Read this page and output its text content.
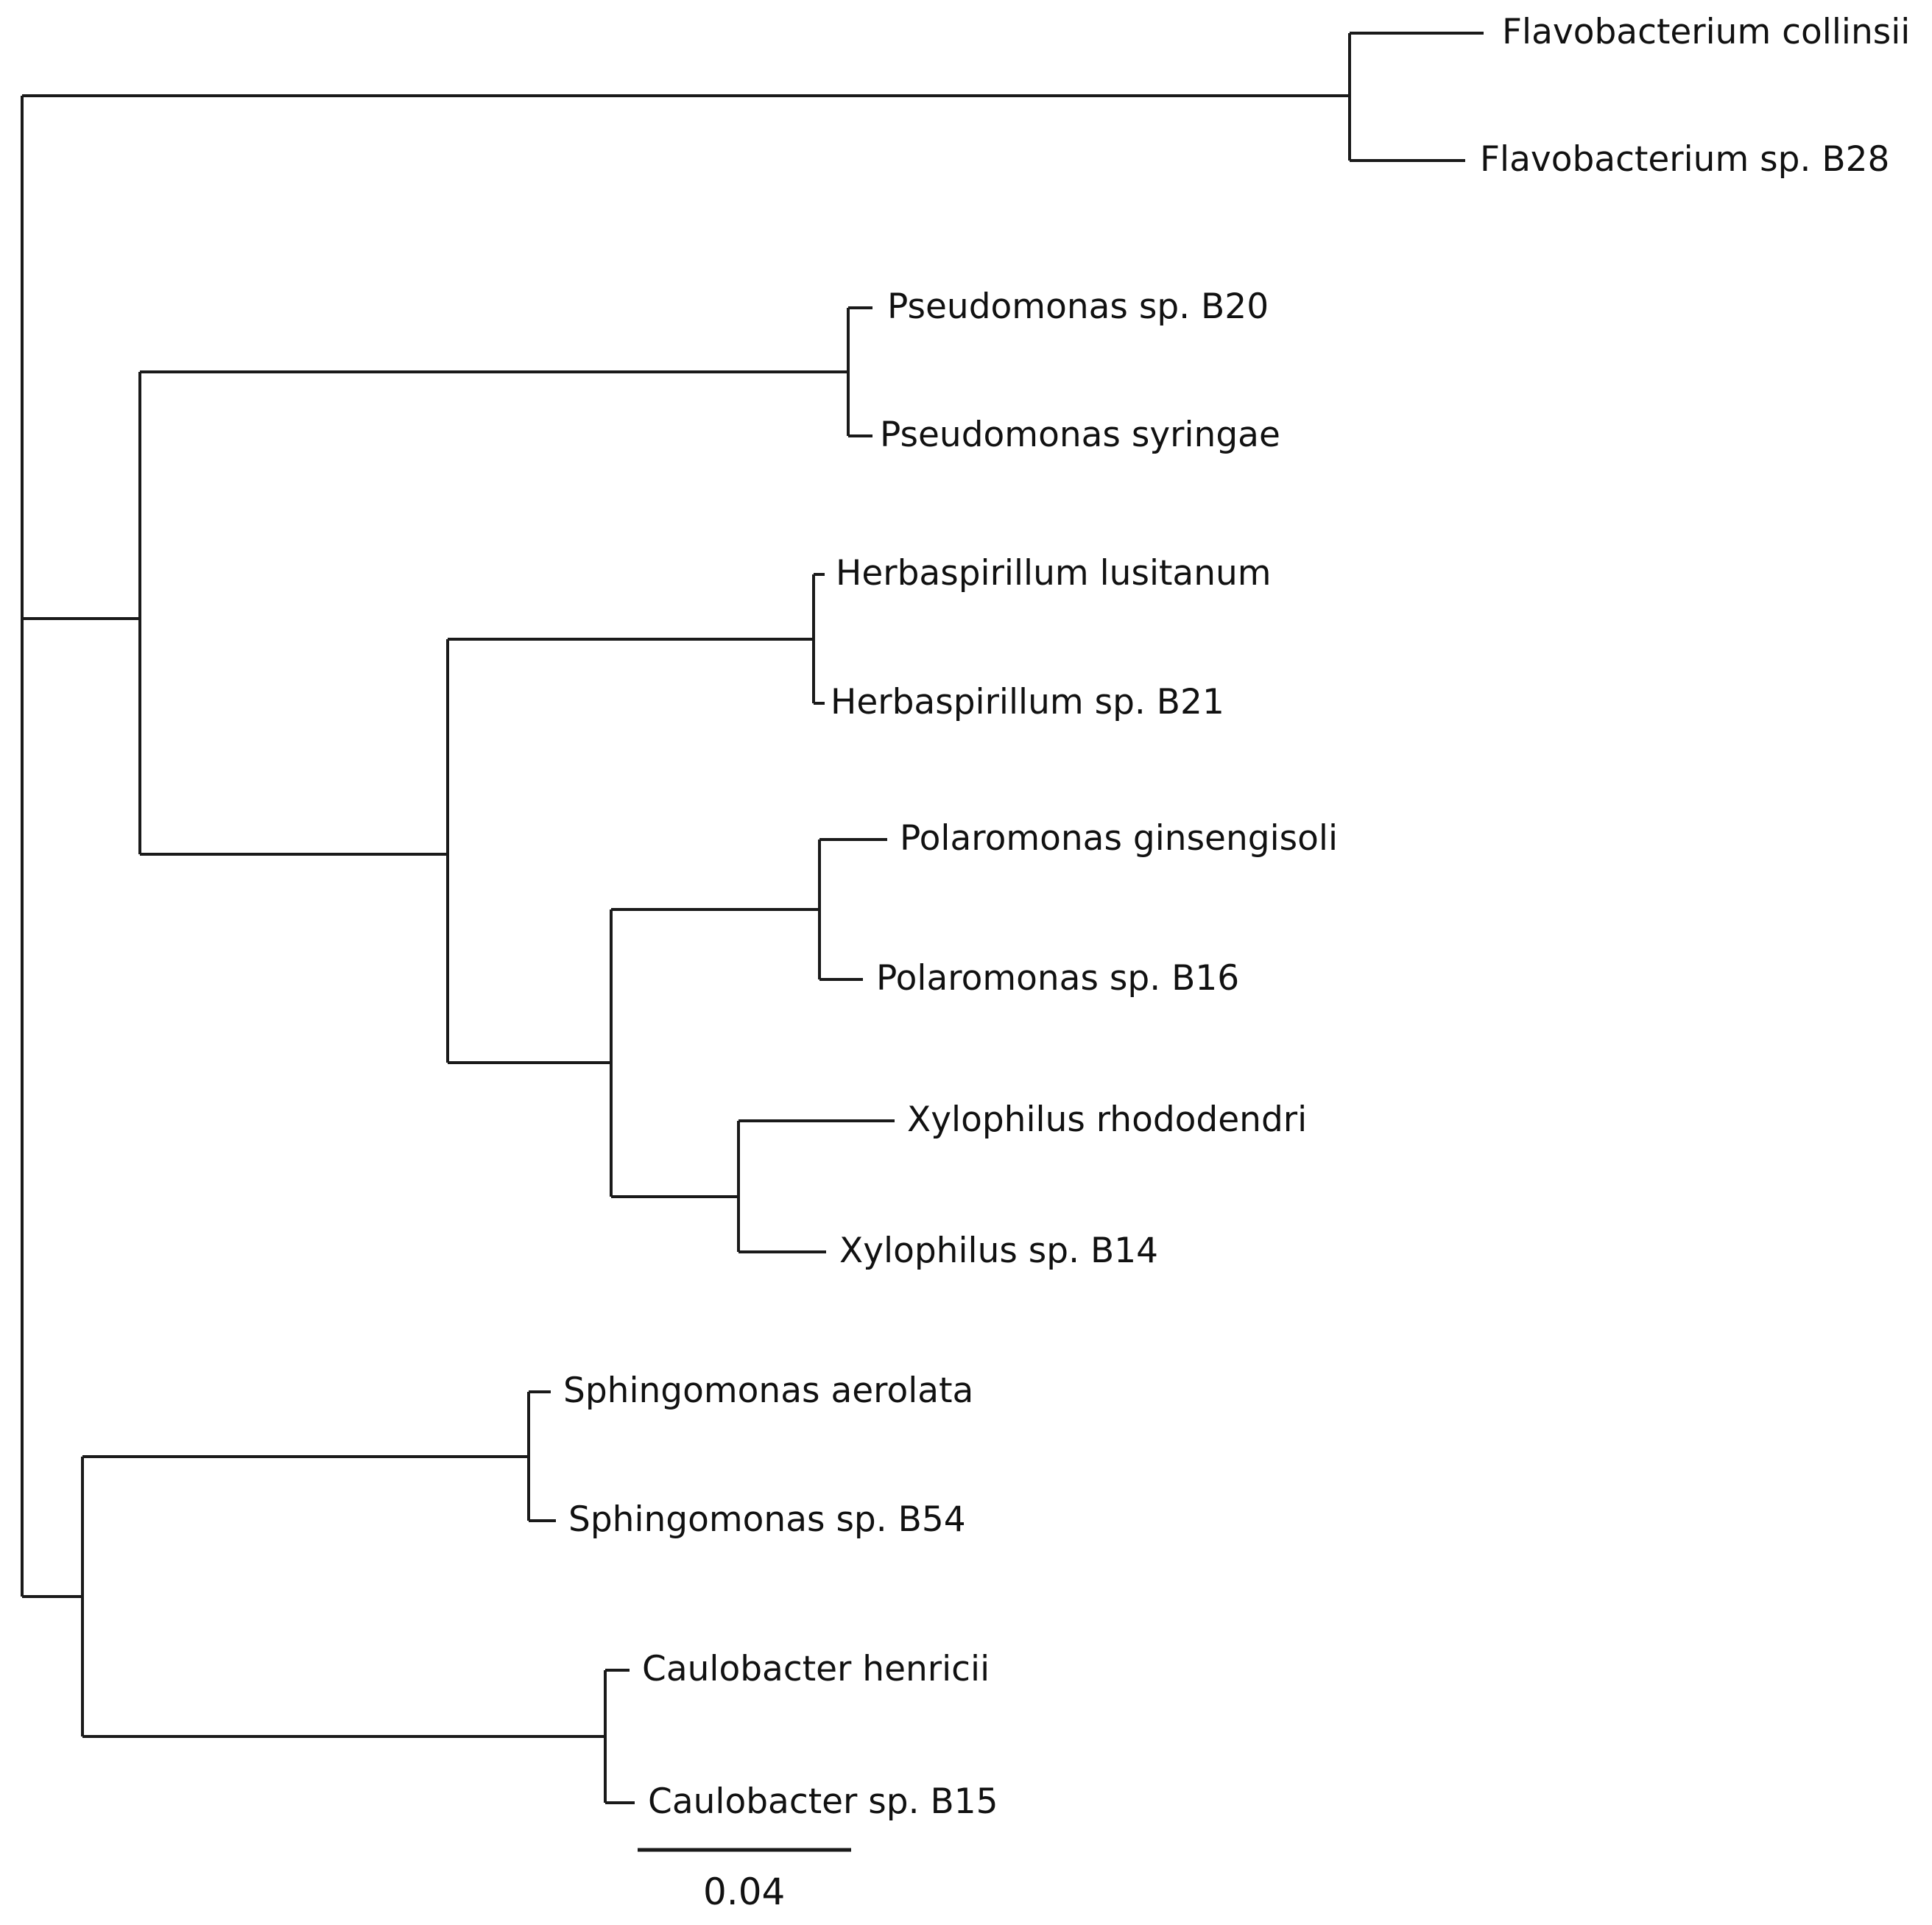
Flavobacterium collinsii
Flavobacterium sp. B28
Pseudomonas sp. B20
Pseudomonas syringae
Herbaspirillum lusitanum
Herbaspirillum sp. B21
Polaromonas ginsengisoli
Polaromonas sp. B16
Xylophilus rhododendri
Xylophilus sp. B14
Sphingomonas aerolata
Sphingomonas sp. B54
Caulobacter henricii
Caulobacter sp. B15
0.04
